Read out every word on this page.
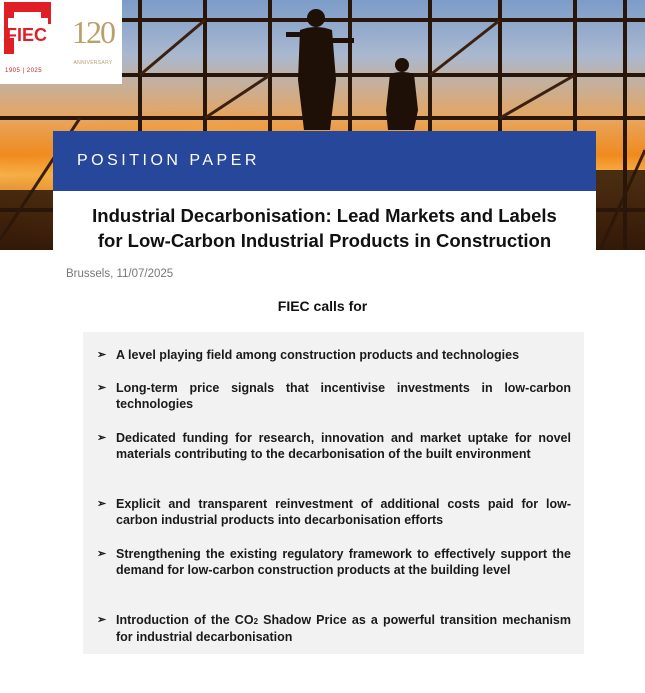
FIEC
1905 | 2025
120
ANNIVERSARY
POSITION PAPER
Industrial Decarbonisation: Lead Markets and Labels
for Low-Carbon Industrial Products in Construction
Brussels, 11/07/2025
FIEC calls for
➢ A level playing field among construction products and technologies
➢ Long-term price signals that incentivise investments in low-carbon technologies
➢ Dedicated funding for research, innovation and market uptake for novel materials contributing to the decarbonisation of the built environment
➢ Explicit and transparent reinvestment of additional costs paid for low-carbon industrial products into decarbonisation efforts
➢ Strengthening the existing regulatory framework to effectively support the demand for low-carbon construction products at the building level
➢ Introduction of the CO2 Shadow Price as a powerful transition mechanism for industrial decarbonisation
